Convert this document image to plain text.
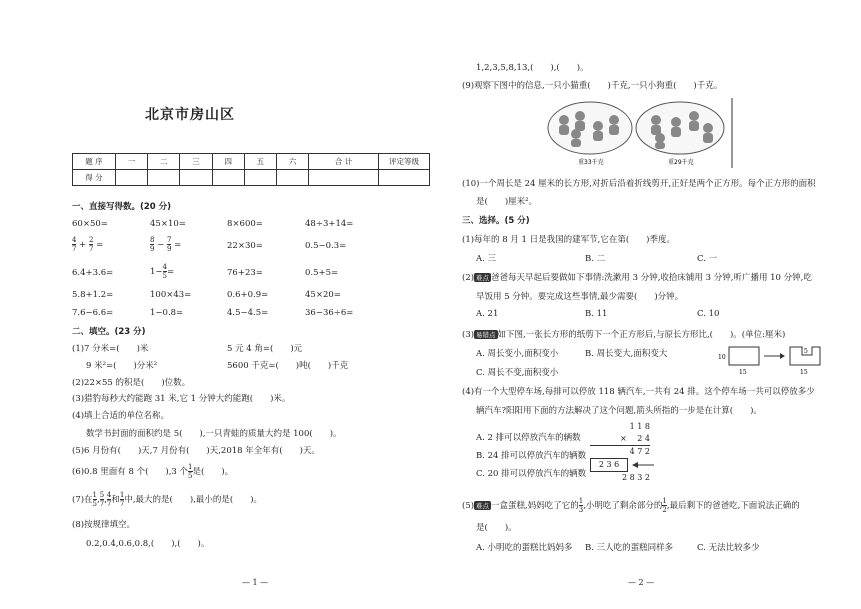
北京市房山区
题 序	一	二	三	四	五	六	合 计	评定等级
得 分								
一、直接写得数。(20 分)
60×50=	45×10=	8×600=	48÷3+14=
$\frac{4}{7} + \frac{2}{7}$ =	$\frac{8}{9} - \frac{7}{9}$ =	22×30=	0.5−0.3=
6.4+3.6=	$1- \frac{4}{5}$ =	76+23=	0.5+5=
5.8+1.2=	100×43=	0.6+0.9=	45×20=
7.6−6.6=	1−0.8=	4.5−4.5=	36−36÷6=
二、填空。(23 分)
(1)7 分米=(　　)米	5 元 4 角=(　　)元
9 米²=(　　)分米²	5600 千克=(　　)吨(　　)千克
(2)22×55 的积是(　　)位数。
(3)猎豹每秒大约能跑 31 米,它 1 分钟大约能跑(　　)米。
(4)填上合适的单位名称。
数学书封面的面积约是 5(　　),一只青蛙的质量大约是 100(　　)。
(5)6 月份有(　　)天,7 月份有(　　)天,2018 年全年有(　　)天。
(6)0.8 里面有 8 个(　　),3 个 $\frac{1}{5}$ 是(　　)。
(7)在 $\frac{1}{5}$ , $\frac{5}{7}$ , $\frac{4}{7}$ 和 $\frac{1}{7}$ 中,最大的是(　　),最小的是(　　)。
(8)按规律填空。
0.2,0.4,0.6,0.8,(　　),(　　)。
— 1 —
1,2,3,5,8,13,(　　),(　　)。
(9)观察下图中的信息,一只小猫重(　　)千克,一只小狗重(　　)千克。
重33千克	重29千克
(10)一个周长是 24 厘米的长方形,对折后沿着折线剪开,正好是两个正方形。每个正方形的面积
是(　　)厘米²。
三、选择。(5 分)
(1)每年的 8 月 1 日是我国的建军节,它在第(　　)季度。
A. 三	B. 二	C. 一
(2) 难点 爸爸每天早起后要做如下事情:洗漱用 3 分钟,收拾床铺用 3 分钟,听广播用 10 分钟,吃
早饭用 5 分钟。要完成这些事情,最少需要(　　)分钟。
A. 21	B. 11	C. 10
(3) 易错点 如下图,一张长方形的纸剪下一个正方形后,与原长方形比,(　　)。(单位:厘米)
A. 周长变小,面积变小	B. 周长变大,面积变大
C. 周长不变,面积变小
10
15
5
15
(4)有一个大型停车场,每排可以停放 118 辆汽车,一共有 24 排。这个停车场一共可以停放多少
辆汽车?阳阳用下面的方法解决了这个问题,箭头所指的一步是在计算(　　)。
A. 2 排可以停放汽车的辆数
B. 24 排可以停放汽车的辆数
C. 20 排可以停放汽车的辆数
1 1 8
× 　2 4
4 7 2
2 3 6
2 8 3 2
(5) 难点 一盒蛋糕,妈妈吃了它的 $\frac{1}{3}$ ,小明吃了剩余部分的 $\frac{1}{2}$ ,最后剩下的爸爸吃,下面说法正确的
是(　　)。
A. 小明吃的蛋糕比妈妈多 B. 三人吃的蛋糕同样多	C. 无法比较多少
— 2 —
